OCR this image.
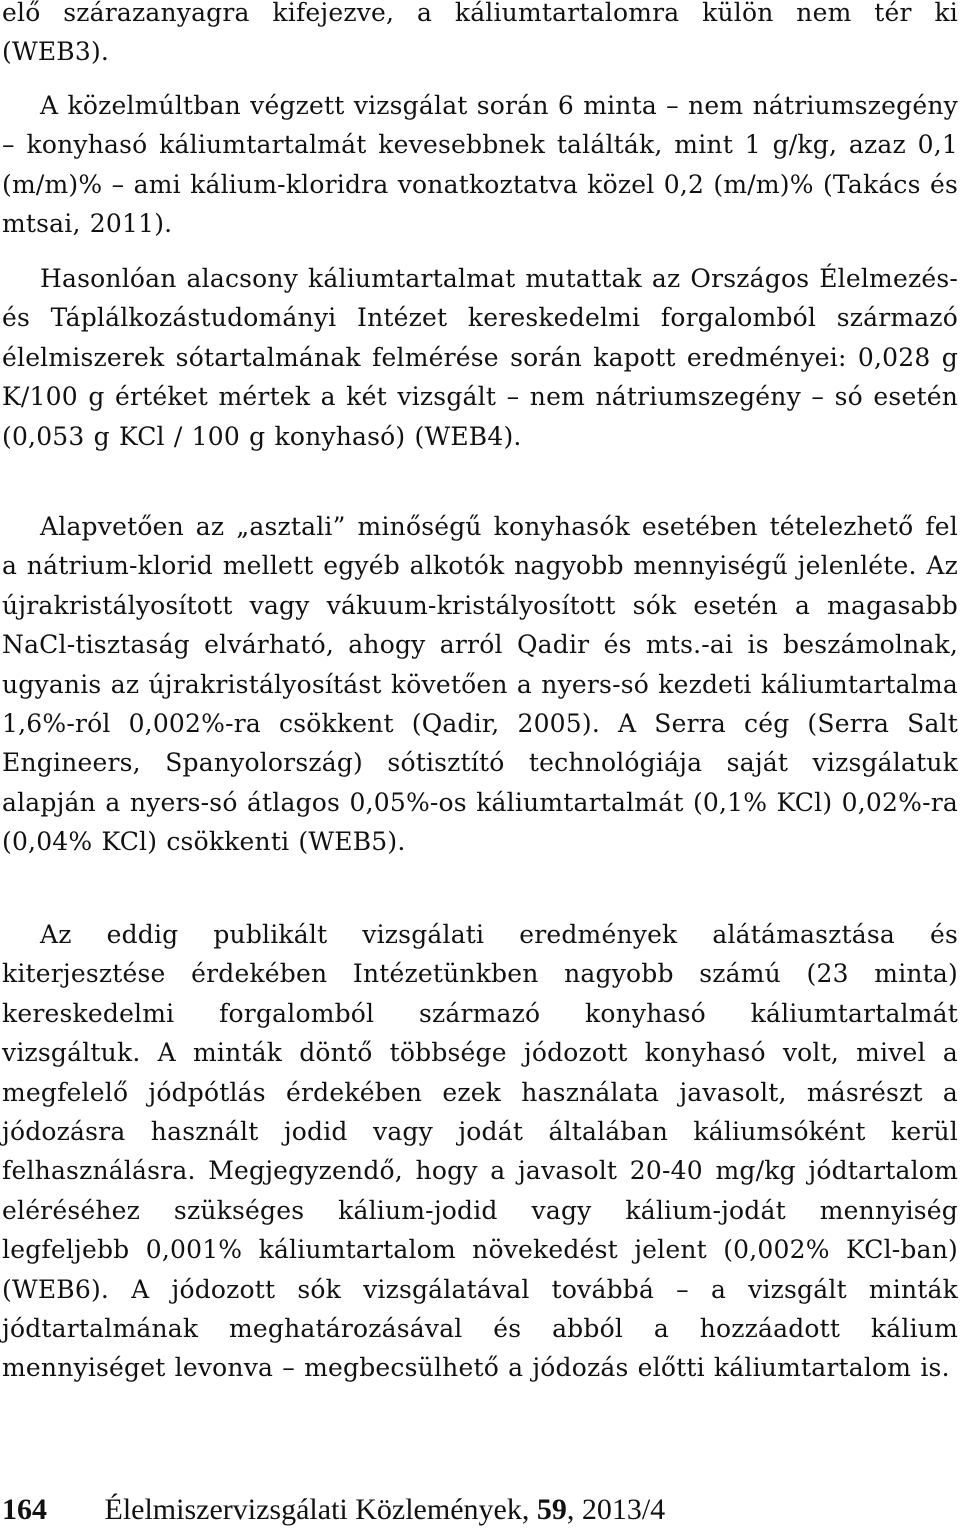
elő szárazanyagra kifejezve, a káliumtartalomra külön nem tér ki (WEB3).

A közelmúltban végzett vizsgálat során 6 minta – nem nátriumszegény – konyhasó káliumtartalmát kevesebbnek találták, mint 1 g/kg, azaz 0,1 (m/m)% – ami kálium-kloridra vonatkoztatva közel 0,2 (m/m)% (Takács és mtsai, 2011).

Hasonlóan alacsony káliumtartalmat mutattak az Országos Élelmezés- és Táplálkozástudományi Intézet kereskedelmi forgalomból származó élelmiszerek sótartalmának felmérése során kapott eredményei: 0,028 g K/100 g értéket mértek a két vizsgált – nem nátriumszegény – só esetén (0,053 g KCl / 100 g konyhasó) (WEB4).

Alapvetően az „asztali” minőségű konyhasók esetében tételezhető fel a nátrium-klorid mellett egyéb alkotók nagyobb mennyiségű jelenléte. Az újrakristályosított vagy vákuum-kristályosított sók esetén a magasabb NaCl-tisztaság elvárható, ahogy arról Qadir és mts.-ai is beszámolnak, ugyanis az újrakristályosítást követően a nyers-só kezdeti káliumtartalma 1,6%-ról 0,002%-ra csökkent (Qadir, 2005). A Serra cég (Serra Salt Engineers, Spanyolország) sótisztító technológiája saját vizsgálatuk alapján a nyers-só átlagos 0,05%-os káliumtartalmát (0,1% KCl) 0,02%-ra (0,04% KCl) csökkenti (WEB5).

Az eddig publikált vizsgálati eredmények alátámasztása és kiterjesztése érdekében Intézetünkben nagyobb számú (23 minta) kereskedelmi forgalomból származó konyhasó káliumtartalmát vizsgáltuk. A minták döntő többsége jódozott konyhasó volt, mivel a megfelelő jódpótlás érdekében ezek használata javasolt, másrészt a jódozásra használt jodid vagy jodát általában káliumsóként kerül felhasználásra. Megjegyzendő, hogy a javasolt 20-40 mg/kg jódtartalom eléréséhez szükséges kálium-jodid vagy kálium-jodát mennyiség legfeljebb 0,001% káliumtartalom növekedést jelent (0,002% KCl-ban) (WEB6). A jódozott sók vizsgálatával továbbá – a vizsgált minták jódtartalmának meghatározásával és abból a hozzáadott kálium mennyiséget levonva – megbecsülhető a jódozás előtti káliumtartalom is.

164 Élelmiszervizsgálati Közlemények, 59, 2013/4
